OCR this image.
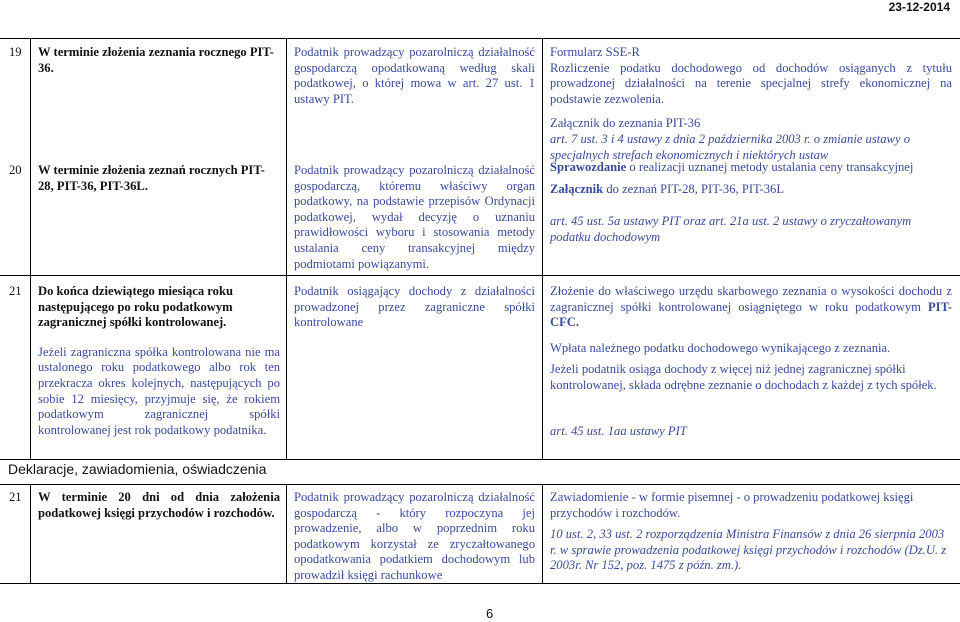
23-12-2014
19 W terminie złożenia zeznania rocznego PIT-36.
Podatnik prowadzący pozarolniczą działalność gospodarczą opodatkowaną według skali podatkowej, o której mowa w art. 27 ust. 1 ustawy PIT.

Formularz SSE-R

Rozliczenie podatku dochodowego od dochodów osiąganych z tytułu prowadzonej działalności na terenie specjalnej strefy ekonomicznej na podstawie zezwolenia.

Załącznik do zeznania PIT-36

art. 7 ust. 3 i 4 ustawy z dnia 2 października 2003 r. o zmianie ustawy o specjalnych strefach ekonomicznych i niektórych ustaw

20 W terminie złożenia zeznań rocznych PIT-28, PIT-36, PIT-36L.
Podatnik prowadzący pozarolniczą działalność gospodarczą, któremu właściwy organ podatkowy, na podstawie przepisów Ordynacji podatkowej, wydał decyzję o uznaniu prawidłowości wyboru i stosowania metody ustalania ceny transakcyjnej między podmiotami powiązanymi.

Sprawozdanie o realizacji uznanej metody ustalania ceny transakcyjnej

Załącznik do zeznań PIT-28, PIT-36, PIT-36L

art. 45 ust. 5a ustawy PIT oraz art. 21a ust. 2 ustawy o zryczałtowanym podatku dochodowym

21 Do końca dziewiątego miesiąca roku następującego po roku podatkowym zagranicznej spółki kontrolowanej.

Jeżeli zagraniczna spółka kontrolowana nie ma ustalonego roku podatkowego albo rok ten przekracza okres kolejnych, następujących po sobie 12 miesięcy, przyjmuje się, że rokiem podatkowym zagranicznej spółki kontrolowanej jest rok podatkowy podatnika.

Podatnik osiągający dochody z działalności prowadzonej przez zagraniczne spółki kontrolowane

Złożenie do właściwego urzędu skarbowego zeznania o wysokości dochodu z zagranicznej spółki kontrolowanej osiągniętego w roku podatkowym PIT-CFC.

Wpłata należnego podatku dochodowego wynikającego z zeznania.

Jeżeli podatnik osiąga dochody z więcej niż jednej zagranicznej spółki kontrolowanej, składa odrębne zeznanie o dochodach z każdej z tych spółek.

art. 45 ust. 1aa ustawy PIT

Deklaracje, zawiadomienia, oświadczenia
21 W terminie 20 dni od dnia założenia podatkowej księgi przychodów i rozchodów.
Podatnik prowadzący pozarolniczą działalność gospodarczą - który rozpoczyna jej prowadzenie, albo w poprzednim roku podatkowym korzystał ze zryczałtowanego opodatkowania podatkiem dochodowym lub prowadził księgi rachunkowe

Zawiadomienie - w formie pisemnej - o prowadzeniu podatkowej księgi przychodów i rozchodów.

10 ust. 2, 33 ust. 2 rozporządzenia Ministra Finansów z dnia 26 sierpnia 2003 r. w sprawie prowadzenia podatkowej księgi przychodów i rozchodów (Dz.U. z 2003r. Nr 152, poz. 1475 z późn. zm.).

6
